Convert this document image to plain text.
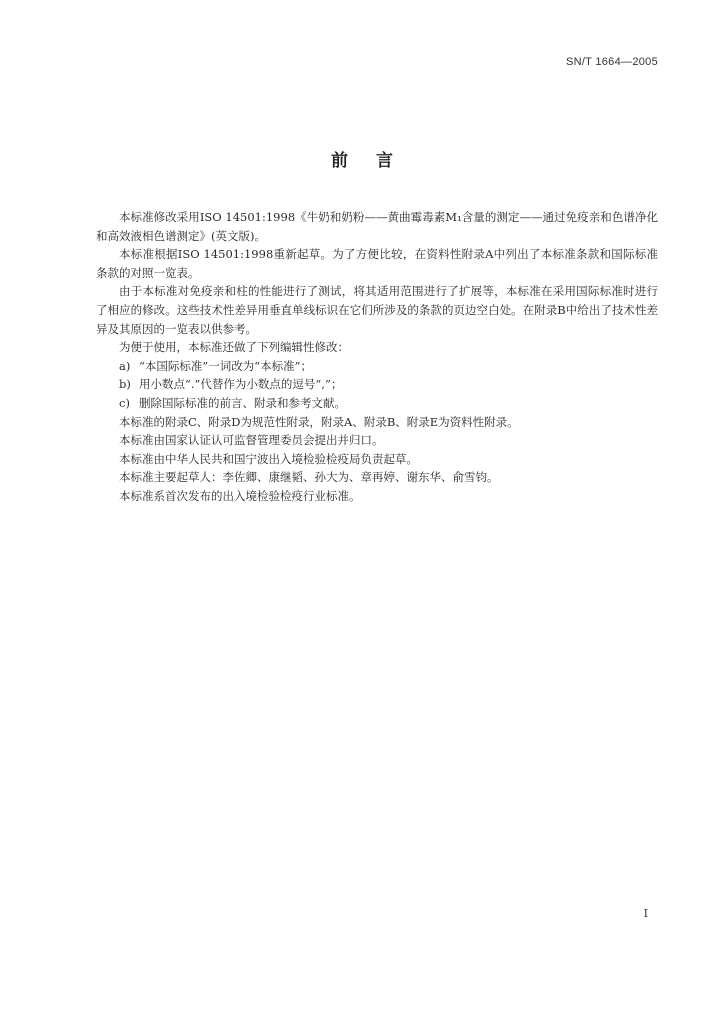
SN/T 1664—2005
前言

本标准修改采用ISO 14501:1998《牛奶和奶粉——黄曲霉毒素M₁含量的测定——通过免疫亲和色谱净化和高效液相色谱测定》(英文版)。

本标准根据ISO 14501:1998重新起草。为了方便比较，在资料性附录A中列出了本标准条款和国际标准条款的对照一览表。

由于本标准对免疫亲和柱的性能进行了测试，将其适用范围进行了扩展等，本标准在采用国际标准时进行了相应的修改。这些技术性差异用垂直单线标识在它们所涉及的条款的页边空白处。在附录B中给出了技术性差异及其原因的一览表以供参考。

为便于使用，本标准还做了下列编辑性修改：

a) “本国际标准”一词改为“本标准”；

b) 用小数点“.”代替作为小数点的逗号“,”；

c) 删除国际标准的前言、附录和参考文献。

本标准的附录C、附录D为规范性附录，附录A、附录B、附录E为资料性附录。

本标准由国家认证认可监督管理委员会提出并归口。

本标准由中华人民共和国宁波出入境检验检疫局负责起草。

本标准主要起草人：李佐卿、康继韬、孙大为、章再婷、谢东华、俞雪钧。

本标准系首次发布的出入境检验检疫行业标准。

I
